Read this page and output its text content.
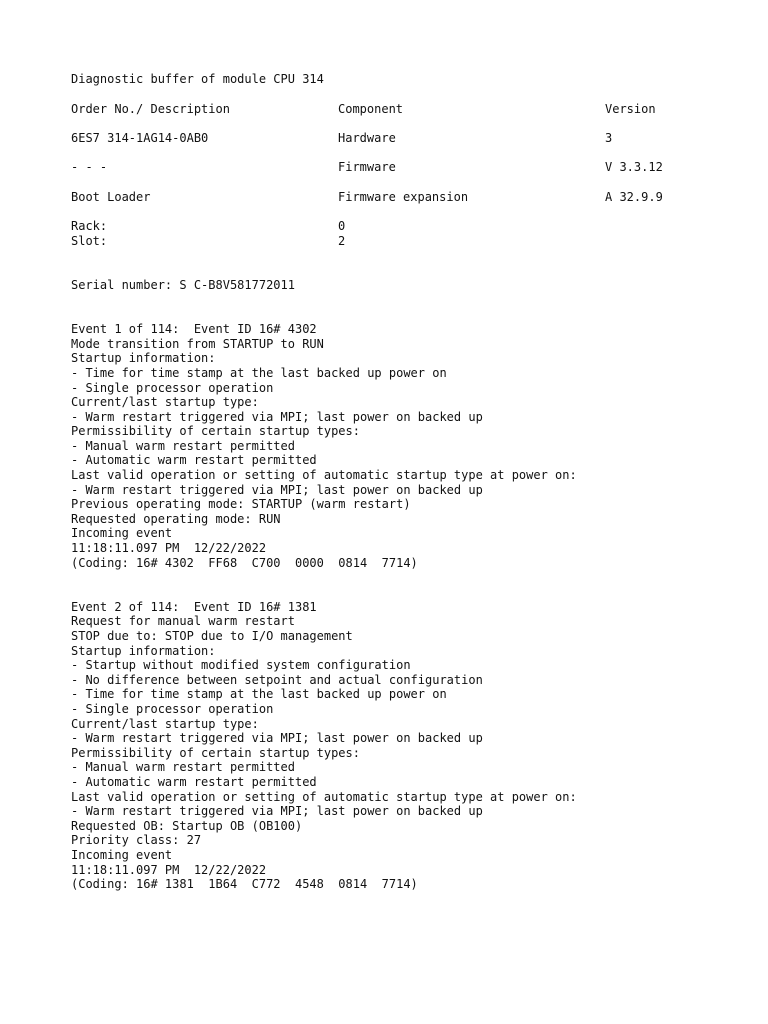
Diagnostic buffer of module CPU 314
Order No./ Description	Component	Version
6ES7 314-1AG14-0AB0	Hardware	3
- - -	Firmware	V 3.3.12
Boot Loader	Firmware expansion	A 32.9.9
Rack:	0
Slot:	2
Serial number: S C-B8V581772011
Event 1 of 114:  Event ID 16# 4302
Mode transition from STARTUP to RUN
Startup information:
- Time for time stamp at the last backed up power on
- Single processor operation
Current/last startup type:
- Warm restart triggered via MPI; last power on backed up
Permissibility of certain startup types:
- Manual warm restart permitted
- Automatic warm restart permitted
Last valid operation or setting of automatic startup type at power on:
- Warm restart triggered via MPI; last power on backed up
Previous operating mode: STARTUP (warm restart)
Requested operating mode: RUN
Incoming event
11:18:11.097 PM  12/22/2022
(Coding: 16# 4302  FF68  C700  0000  0814  7714)
Event 2 of 114:  Event ID 16# 1381
Request for manual warm restart
STOP due to: STOP due to I/O management
Startup information:
- Startup without modified system configuration
- No difference between setpoint and actual configuration
- Time for time stamp at the last backed up power on
- Single processor operation
Current/last startup type:
- Warm restart triggered via MPI; last power on backed up
Permissibility of certain startup types:
- Manual warm restart permitted
- Automatic warm restart permitted
Last valid operation or setting of automatic startup type at power on:
- Warm restart triggered via MPI; last power on backed up
Requested OB: Startup OB (OB100)
Priority class: 27
Incoming event
11:18:11.097 PM  12/22/2022
(Coding: 16# 1381  1B64  C772  4548  0814  7714)
